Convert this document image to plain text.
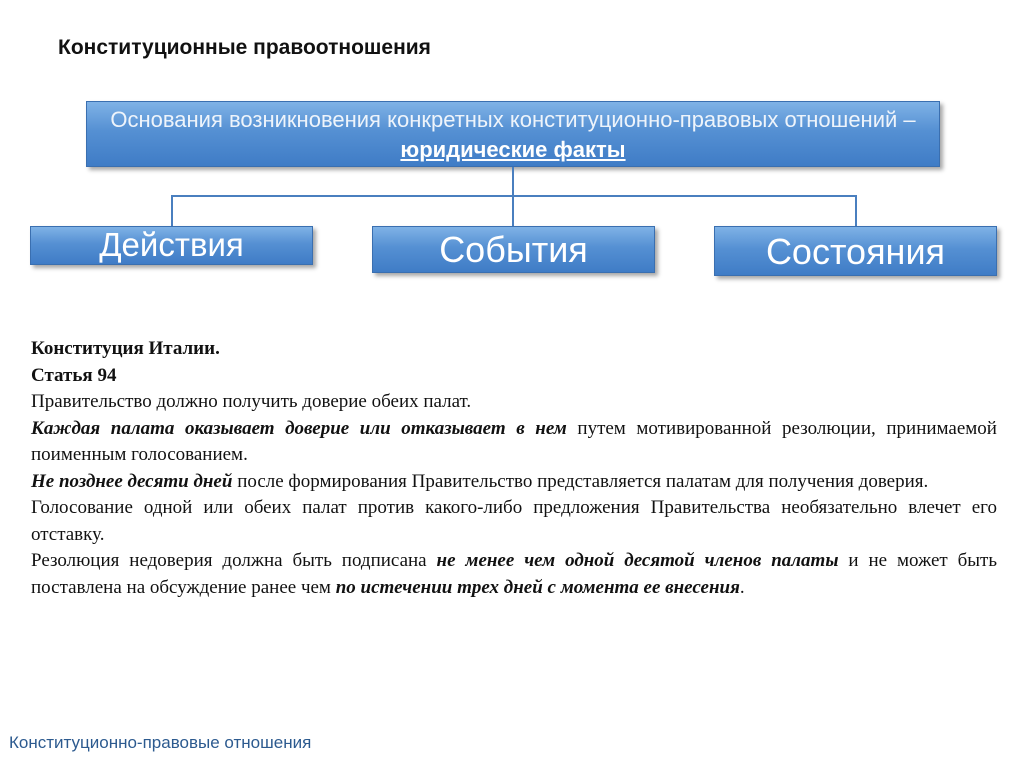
Конституционные правоотношения
Основания возникновения конкретных конституционно-правовых отношений – юридические факты
Действия	События	Состояния

Конституция Италии.

Статья 94

Правительство должно получить доверие обеих палат.

Каждая палата оказывает доверие или отказывает в нем путем мотивированной резолюции, принимаемой поименным голосованием.

Не позднее десяти дней после формирования Правительство представляется палатам для получения доверия.

Голосование одной или обеих палат против какого-либо предложения Правительства необязательно влечет его отставку.

Резолюция недоверия должна быть подписана не менее чем одной десятой членов палаты и не может быть поставлена на обсуждение ранее чем по истечении трех дней с момента ее внесения.

Конституционно-правовые отношения
